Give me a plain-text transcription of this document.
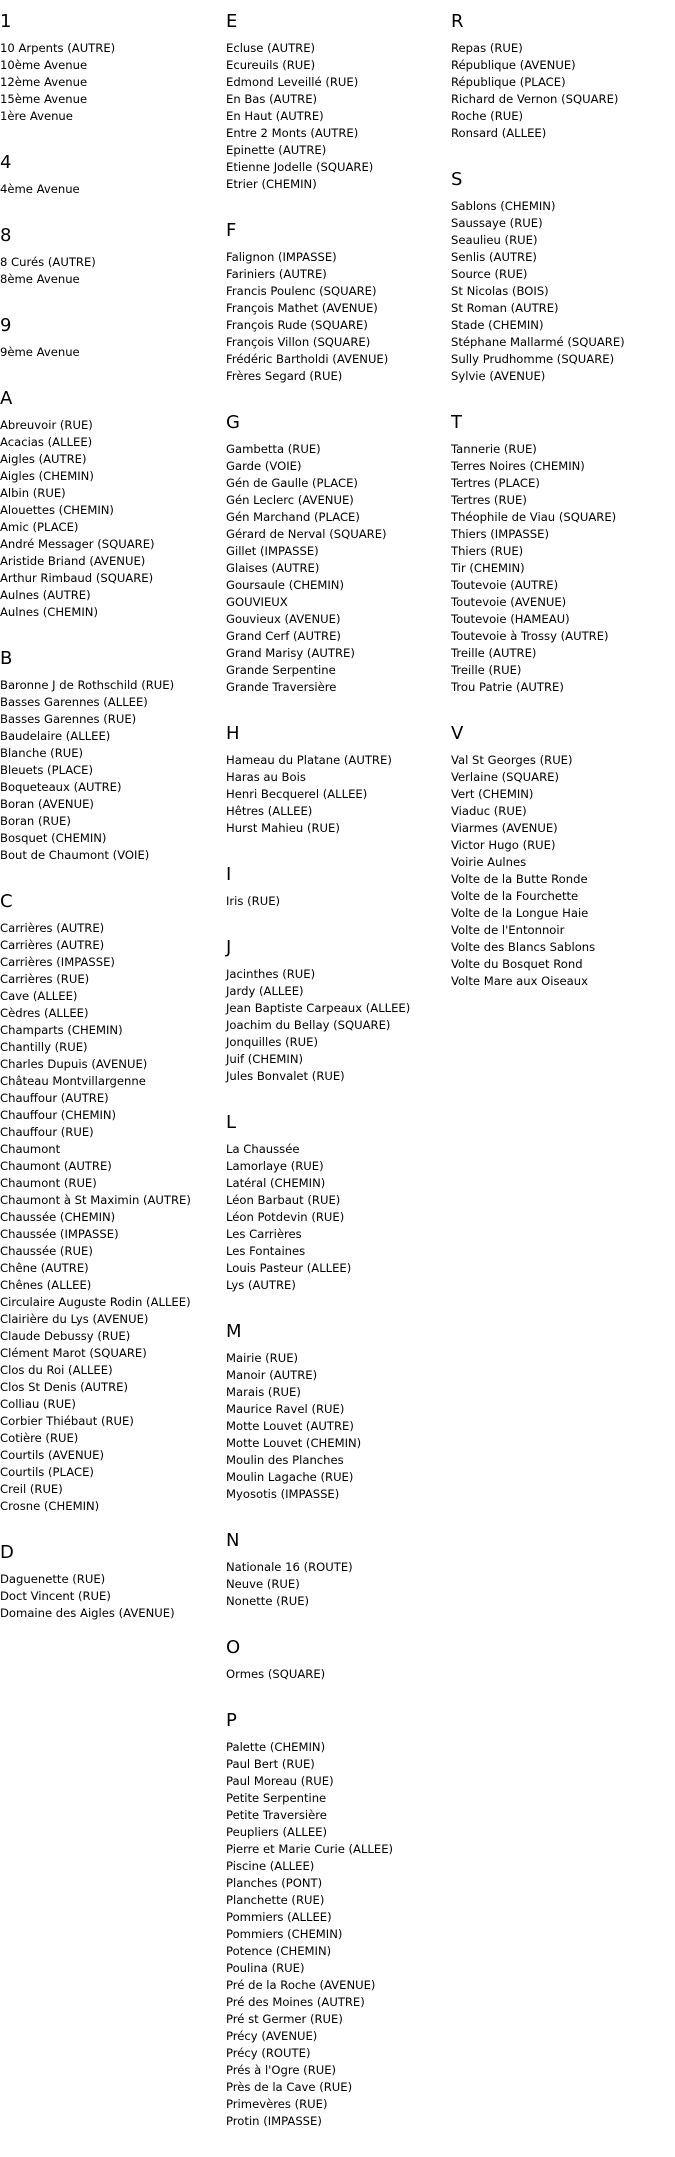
1
10 Arpents (AUTRE)
10ème Avenue
12ème Avenue
15ème Avenue
1ère Avenue
4
4ème Avenue
8
8 Curés (AUTRE)
8ème Avenue
9
9ème Avenue
A
Abreuvoir (RUE)
Acacias (ALLEE)
Aigles (AUTRE)
Aigles (CHEMIN)
Albin (RUE)
Alouettes (CHEMIN)
Amic (PLACE)
André Messager (SQUARE)
Aristide Briand (AVENUE)
Arthur Rimbaud (SQUARE)
Aulnes (AUTRE)
Aulnes (CHEMIN)
B
Baronne J de Rothschild (RUE)
Basses Garennes (ALLEE)
Basses Garennes (RUE)
Baudelaire (ALLEE)
Blanche (RUE)
Bleuets (PLACE)
Boqueteaux (AUTRE)
Boran (AVENUE)
Boran (RUE)
Bosquet (CHEMIN)
Bout de Chaumont (VOIE)
C
Carrières (AUTRE)
Carrières (AUTRE)
Carrières (IMPASSE)
Carrières (RUE)
Cave (ALLEE)
Cèdres (ALLEE)
Champarts (CHEMIN)
Chantilly (RUE)
Charles Dupuis (AVENUE)
Château Montvillargenne
Chauffour (AUTRE)
Chauffour (CHEMIN)
Chauffour (RUE)
Chaumont
Chaumont (AUTRE)
Chaumont (RUE)
Chaumont à St Maximin (AUTRE)
Chaussée (CHEMIN)
Chaussée (IMPASSE)
Chaussée (RUE)
Chêne (AUTRE)
Chênes (ALLEE)
Circulaire Auguste Rodin (ALLEE)
Clairière du Lys (AVENUE)
Claude Debussy (RUE)
Clément Marot (SQUARE)
Clos du Roi (ALLEE)
Clos St Denis (AUTRE)
Colliau (RUE)
Corbier Thiébaut (RUE)
Cotière (RUE)
Courtils (AVENUE)
Courtils (PLACE)
Creil (RUE)
Crosne (CHEMIN)
D
Daguenette (RUE)
Doct Vincent (RUE)
Domaine des Aigles (AVENUE)
E
Ecluse (AUTRE)
Ecureuils (RUE)
Edmond Leveillé (RUE)
En Bas (AUTRE)
En Haut (AUTRE)
Entre 2 Monts (AUTRE)
Epinette (AUTRE)
Etienne Jodelle (SQUARE)
Etrier (CHEMIN)
F
Falignon (IMPASSE)
Fariniers (AUTRE)
Francis Poulenc (SQUARE)
François Mathet (AVENUE)
François Rude (SQUARE)
François Villon (SQUARE)
Frédéric Bartholdi (AVENUE)
Frères Segard (RUE)
G
Gambetta (RUE)
Garde (VOIE)
Gén de Gaulle (PLACE)
Gén Leclerc (AVENUE)
Gén Marchand (PLACE)
Gérard de Nerval (SQUARE)
Gillet (IMPASSE)
Glaises (AUTRE)
Goursaule (CHEMIN)
GOUVIEUX
Gouvieux (AVENUE)
Grand Cerf (AUTRE)
Grand Marisy (AUTRE)
Grande Serpentine
Grande Traversière
H
Hameau du Platane (AUTRE)
Haras au Bois
Henri Becquerel (ALLEE)
Hêtres (ALLEE)
Hurst Mahieu (RUE)
I
Iris (RUE)
J
Jacinthes (RUE)
Jardy (ALLEE)
Jean Baptiste Carpeaux (ALLEE)
Joachim du Bellay (SQUARE)
Jonquilles (RUE)
Juif (CHEMIN)
Jules Bonvalet (RUE)
L
La Chaussée
Lamorlaye (RUE)
Latéral (CHEMIN)
Léon Barbaut (RUE)
Léon Potdevin (RUE)
Les Carrières
Les Fontaines
Louis Pasteur (ALLEE)
Lys (AUTRE)
M
Mairie (RUE)
Manoir (AUTRE)
Marais (RUE)
Maurice Ravel (RUE)
Motte Louvet (AUTRE)
Motte Louvet (CHEMIN)
Moulin des Planches
Moulin Lagache (RUE)
Myosotis (IMPASSE)
N
Nationale 16 (ROUTE)
Neuve (RUE)
Nonette (RUE)
O
Ormes (SQUARE)
P
Palette (CHEMIN)
Paul Bert (RUE)
Paul Moreau (RUE)
Petite Serpentine
Petite Traversière
Peupliers (ALLEE)
Pierre et Marie Curie (ALLEE)
Piscine (ALLEE)
Planches (PONT)
Planchette (RUE)
Pommiers (ALLEE)
Pommiers (CHEMIN)
Potence (CHEMIN)
Poulina (RUE)
Pré de la Roche (AVENUE)
Pré des Moines (AUTRE)
Pré st Germer (RUE)
Précy (AVENUE)
Précy (ROUTE)
Prés à l'Ogre (RUE)
Près de la Cave (RUE)
Primevères (RUE)
Protin (IMPASSE)
R
Repas (RUE)
République (AVENUE)
République (PLACE)
Richard de Vernon (SQUARE)
Roche (RUE)
Ronsard (ALLEE)
S
Sablons (CHEMIN)
Saussaye (RUE)
Seaulieu (RUE)
Senlis (AUTRE)
Source (RUE)
St Nicolas (BOIS)
St Roman (AUTRE)
Stade (CHEMIN)
Stéphane Mallarmé (SQUARE)
Sully Prudhomme (SQUARE)
Sylvie (AVENUE)
T
Tannerie (RUE)
Terres Noires (CHEMIN)
Tertres (PLACE)
Tertres (RUE)
Théophile de Viau (SQUARE)
Thiers (IMPASSE)
Thiers (RUE)
Tir (CHEMIN)
Toutevoie (AUTRE)
Toutevoie (AVENUE)
Toutevoie (HAMEAU)
Toutevoie à Trossy (AUTRE)
Treille (AUTRE)
Treille (RUE)
Trou Patrie (AUTRE)
V
Val St Georges (RUE)
Verlaine (SQUARE)
Vert (CHEMIN)
Viaduc (RUE)
Viarmes (AVENUE)
Victor Hugo (RUE)
Voirie Aulnes
Volte de la Butte Ronde
Volte de la Fourchette
Volte de la Longue Haie
Volte de l'Entonnoir
Volte des Blancs Sablons
Volte du Bosquet Rond
Volte Mare aux Oiseaux
